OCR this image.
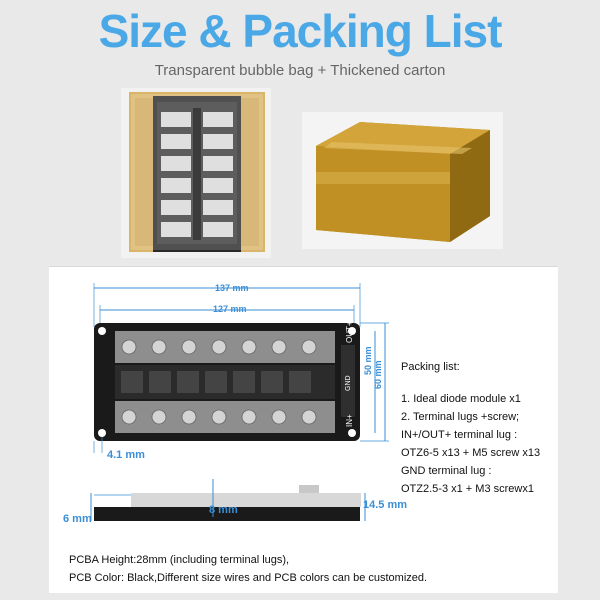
Size & Packing List
Transparent bubble bag + Thickened carton
137 mm
127 mm
50 mm 60 mm
OUT+
IN+
GND
4.1 mm
8 mm	14.5 mm
6 mm
Packing list:
1. Ideal diode module x1
2. Terminal lugs +screw;
IN+/OUT+ terminal lug :
OTZ6-5 x13 + M5 screw x13
GND terminal lug :
OTZ2.5-3 x1 + M3 screwx1
PCBA Height:28mm (including terminal lugs),
PCB Color: Black,Different size wires and PCB colors can be customized.
